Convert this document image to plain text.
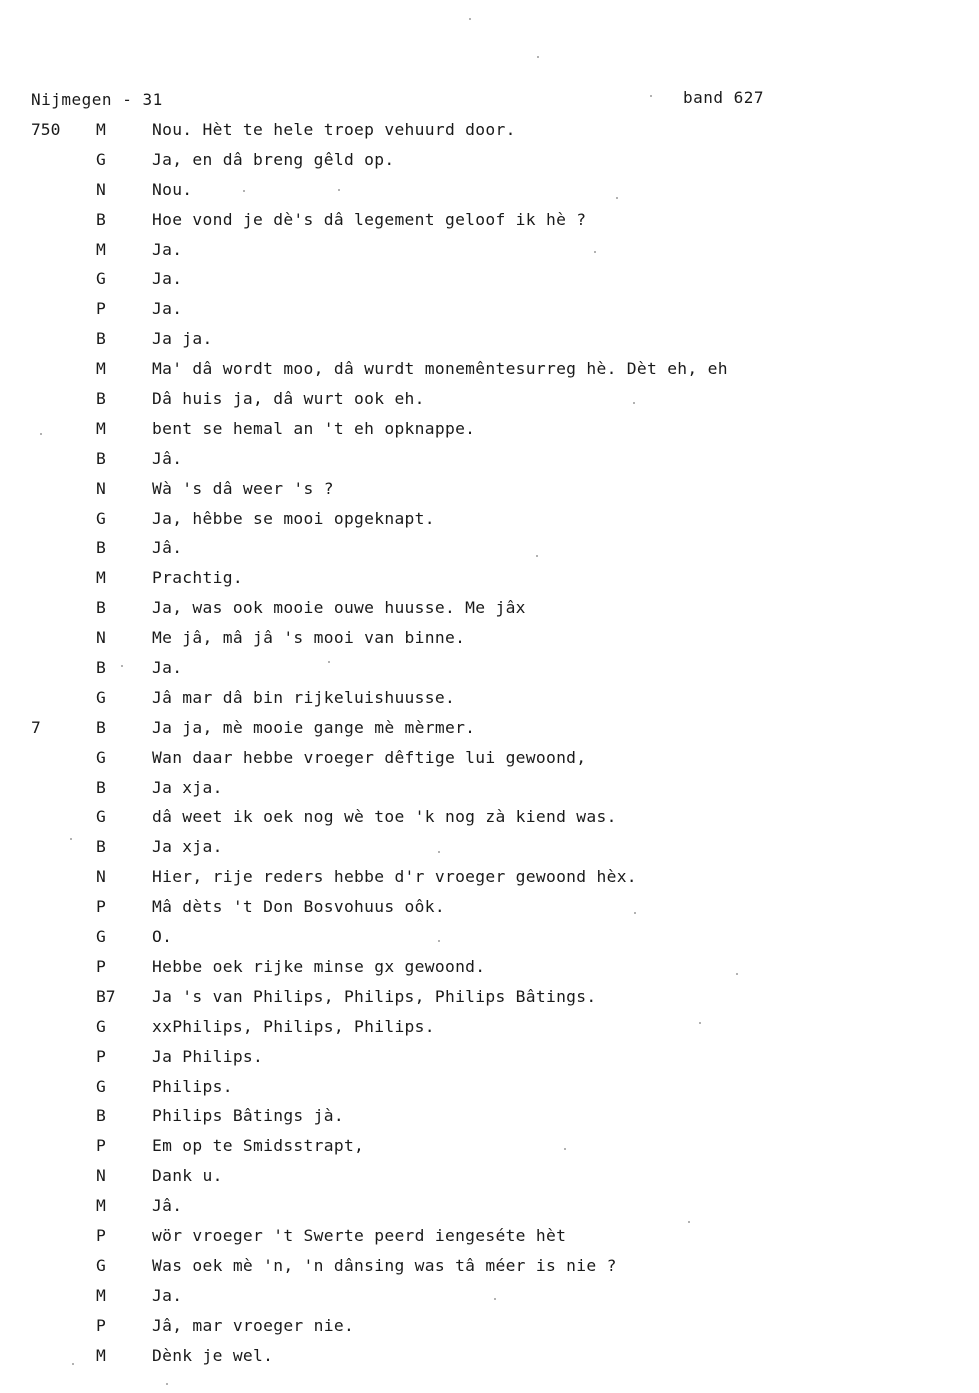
Nijmegen - 31	band 627
750	M	Nou. Hèt te hele troep vehuurd door.
G	Ja, en dâ breng gêld op.
N	Nou.
B	Hoe vond je dè's dâ legement geloof ik hè ?
M	Ja.
G	Ja.
P	Ja.
B	Ja ja.
M	Ma' dâ wordt moo, dâ wurdt monemêntesurreg hè. Dèt eh, eh
B	Dâ huis ja, dâ wurt ook eh.
M	bent se hemal an 't eh opknappe.
B	Jâ.
N	Wà 's dâ weer 's ?
G	Ja, hêbbe se mooi opgeknapt.
B	Jâ.
M	Prachtig.
B	Ja, was ook mooie ouwe huusse. Me jâx
N	Me jâ, mâ jâ 's mooi van binne.
B	Ja.
G	Jâ mar dâ bin rijkeluishuusse.
7	B	Ja ja, mè mooie gange mè mèrmer.
G	Wan daar hebbe vroeger dêftige lui gewoond,
B	Ja xja.
G	dâ weet ik oek nog wè toe 'k nog zà kiend was.
B	Ja xja.
N	Hier, rije reders hebbe d'r vroeger gewoond hèx.
P	Mâ dèts 't Don Bosvohuus oôk.
G	O.
P	Hebbe oek rijke minse gx gewoond.
B7	Ja 's van Philips, Philips, Philips Bâtings.
G	xxPhilips, Philips, Philips.
P	Ja Philips.
G	Philips.
B	Philips Bâtings jà.
P	Em op te Smidsstrapt,
N	Dank u.
M	Jâ.
P	wör vroeger 't Swerte peerd iengeséte hèt
G	Was oek mè 'n, 'n dânsing was tâ méer is nie ?
M	Ja.
P	Jâ, mar vroeger nie.
M	Dènk je wel.
